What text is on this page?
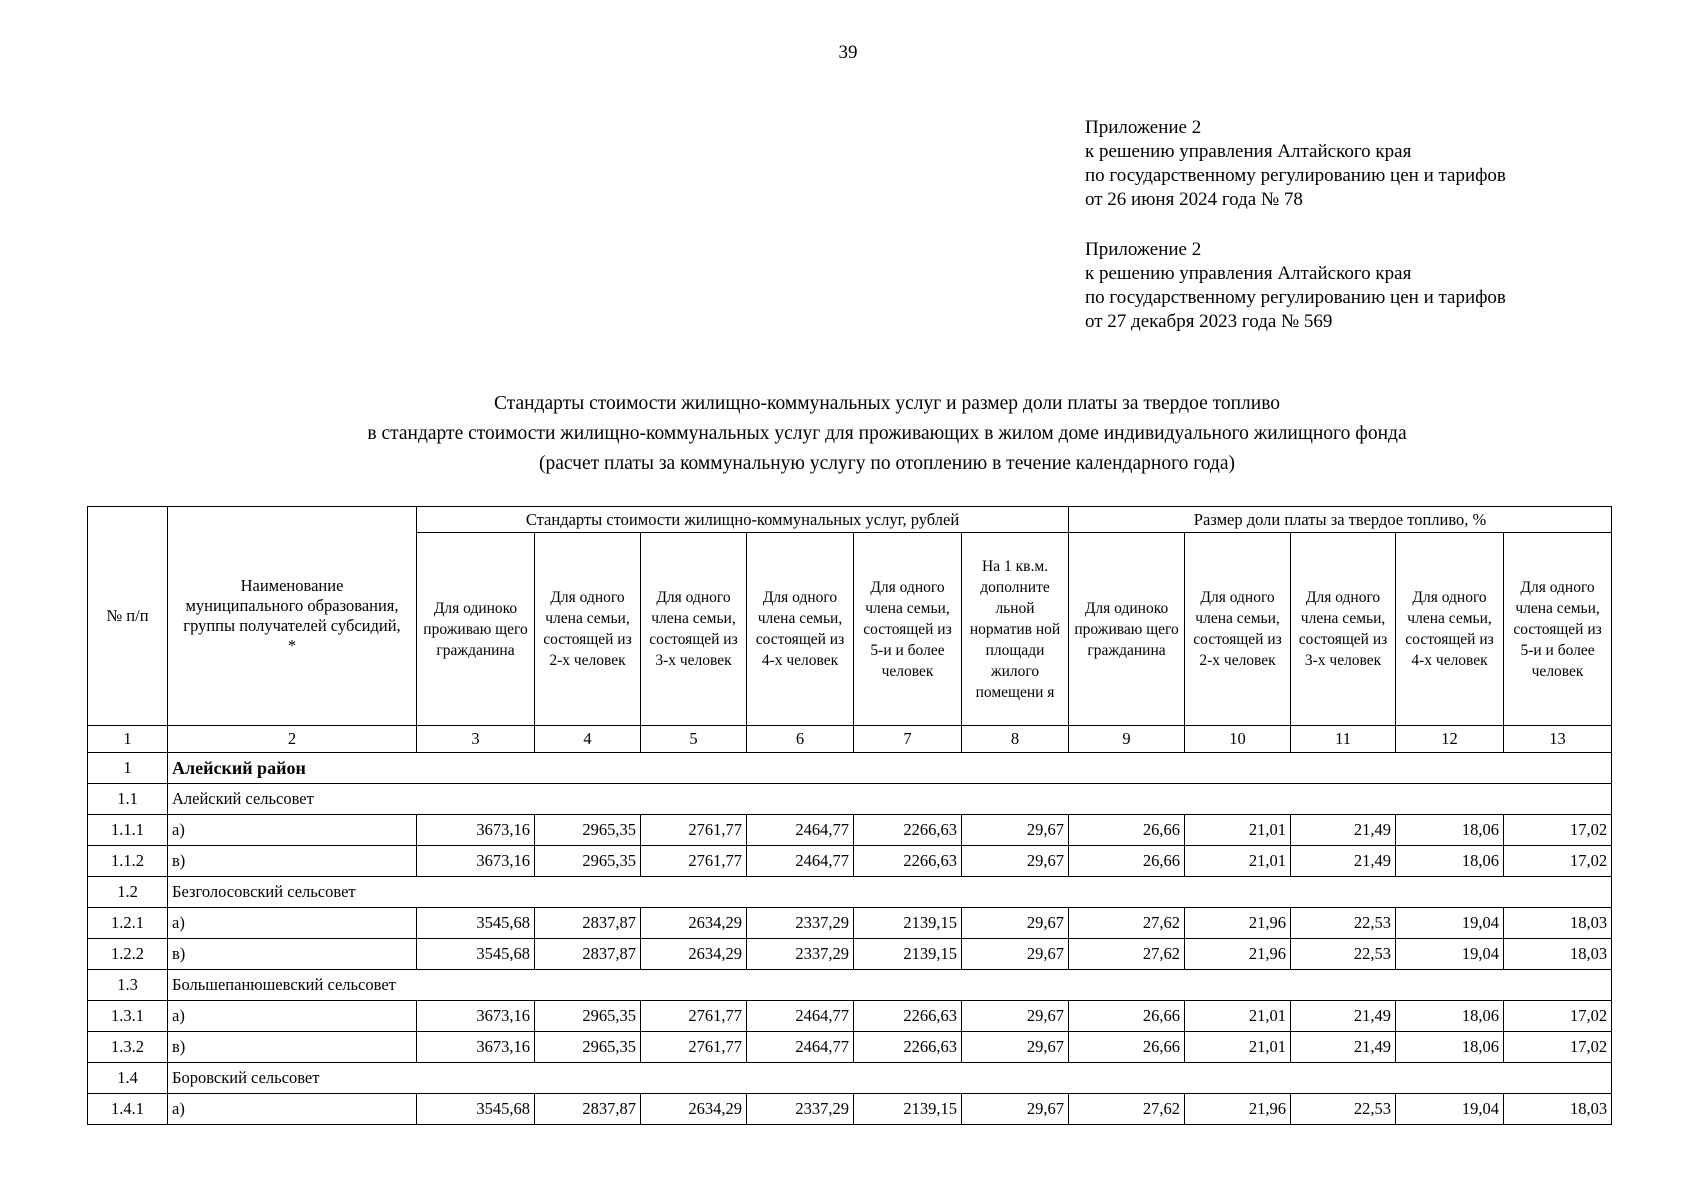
39
Приложение 2
к решению управления Алтайского края
по государственному регулированию цен и тарифов
от 26 июня 2024 года № 78
Приложение 2
к решению управления Алтайского края
по государственному регулированию цен и тарифов
от 27 декабря 2023 года № 569
Стандарты стоимости жилищно-коммунальных услуг и размер доли платы за твердое топливо
в стандарте стоимости жилищно-коммунальных услуг для проживающих в жилом доме индивидуального жилищного фонда
(расчет платы за коммунальную услугу по отоплению в течение календарного года)
№ п/п	Наименование муниципального образования, группы получателей субсидий, *	Стандарты стоимости жилищно-коммунальных услуг, рублей						Размер доли платы за твердое топливо, %				
		Для одиноко проживаю щего гражданина	Для одного члена семьи, состоящей из 2-х человек	Для одного члена семьи, состоящей из 3-х человек	Для одного члена семьи, состоящей из 4-х человек	Для одного члена семьи, состоящей из 5-и и более человек	На 1 кв.м. дополните льной норматив ной площади жилого помещени я	Для одиноко проживаю щего гражданина	Для одного члена семьи, состоящей из 2-х человек	Для одного члена семьи, состоящей из 3-х человек	Для одного члена семьи, состоящей из 4-х человек	Для одного члена семьи, состоящей из 5-и и более человек
1	2	3	4	5	6	7	8	9	10	11	12	13
1	Алейский район											
1.1	Алейский сельсовет											
1.1.1	а)	3673,16	2965,35	2761,77	2464,77	2266,63	29,67	26,66	21,01	21,49	18,06	17,02
1.1.2	в)	3673,16	2965,35	2761,77	2464,77	2266,63	29,67	26,66	21,01	21,49	18,06	17,02
1.2	Безголосовский сельсовет											
1.2.1	а)	3545,68	2837,87	2634,29	2337,29	2139,15	29,67	27,62	21,96	22,53	19,04	18,03
1.2.2	в)	3545,68	2837,87	2634,29	2337,29	2139,15	29,67	27,62	21,96	22,53	19,04	18,03
1.3	Большепанюшевский сельсовет											
1.3.1	а)	3673,16	2965,35	2761,77	2464,77	2266,63	29,67	26,66	21,01	21,49	18,06	17,02
1.3.2	в)	3673,16	2965,35	2761,77	2464,77	2266,63	29,67	26,66	21,01	21,49	18,06	17,02
1.4	Боровский сельсовет											
1.4.1	а)	3545,68	2837,87	2634,29	2337,29	2139,15	29,67	27,62	21,96	22,53	19,04	18,03
